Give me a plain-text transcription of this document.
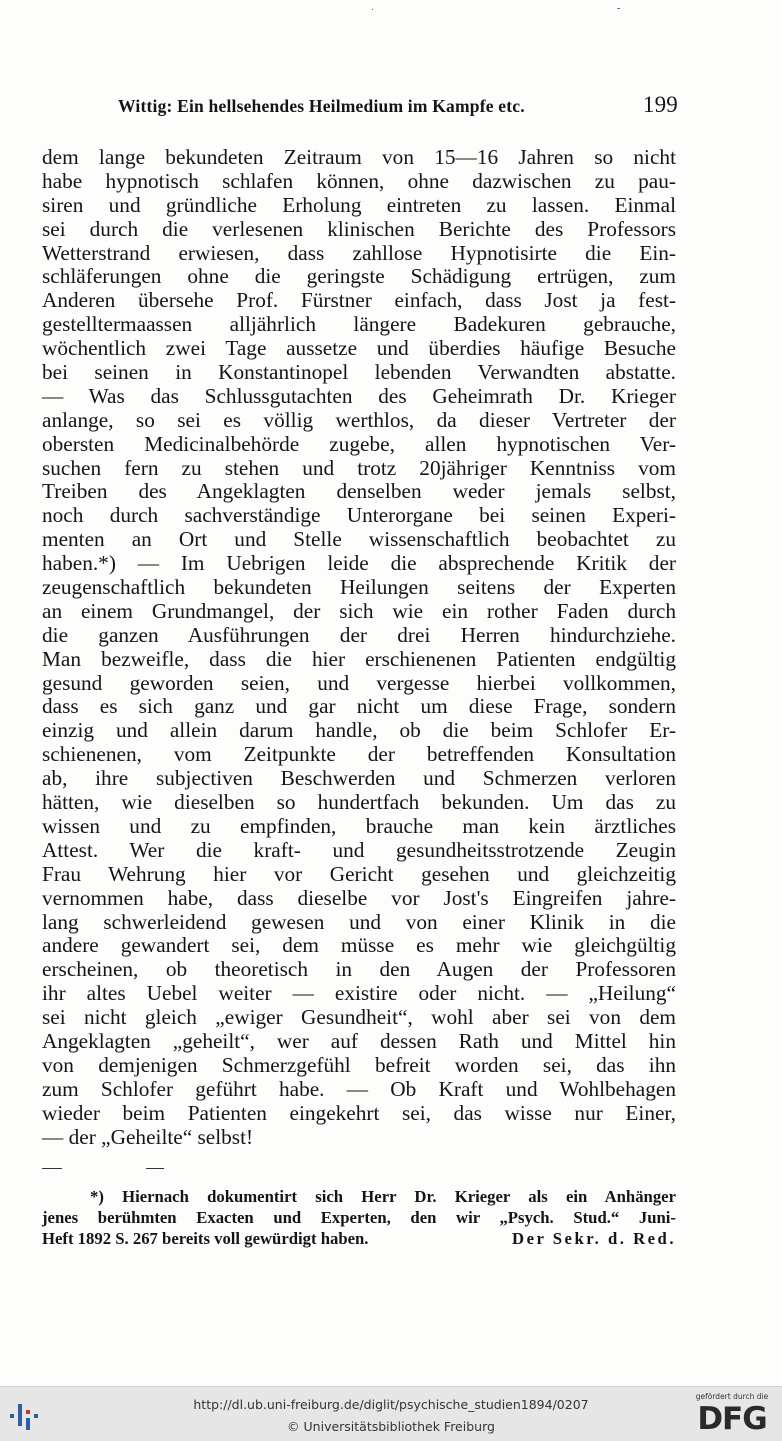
˙	-
Wittig: Ein hellsehendes Heilmedium im Kampfe etc.	199
dem lange bekundeten Zeitraum von 15—16 Jahren so nicht
habe hypnotisch schlafen können, ohne dazwischen zu pau-
siren und gründliche Erholung eintreten zu lassen. Einmal
sei durch die verlesenen klinischen Berichte des Professors
Wetterstrand erwiesen, dass zahllose Hypnotisirte die Ein-
schläferungen ohne die geringste Schädigung ertrügen, zum
Anderen übersehe Prof. Fürstner einfach, dass Jost ja fest-
gestelltermaassen alljährlich längere Badekuren gebrauche,
wöchentlich zwei Tage aussetze und überdies häufige Besuche
bei seinen in Konstantinopel lebenden Verwandten abstatte.
— Was das Schlussgutachten des Geheimrath Dr. Krieger
anlange, so sei es völlig werthlos, da dieser Vertreter der
obersten Medicinalbehörde zugebe, allen hypnotischen Ver-
suchen fern zu stehen und trotz 20jähriger Kenntniss vom
Treiben des Angeklagten denselben weder jemals selbst,
noch durch sachverständige Unterorgane bei seinen Experi-
menten an Ort und Stelle wissenschaftlich beobachtet zu
haben.*) — Im Uebrigen leide die absprechende Kritik der
zeugenschaftlich bekundeten Heilungen seitens der Experten
an einem Grundmangel, der sich wie ein rother Faden durch
die ganzen Ausführungen der drei Herren hindurchziehe.
Man bezweifle, dass die hier erschienenen Patienten endgültig
gesund geworden seien, und vergesse hierbei vollkommen,
dass es sich ganz und gar nicht um diese Frage, sondern
einzig und allein darum handle, ob die beim Schlofer Er-
schienenen, vom Zeitpunkte der betreffenden Konsultation
ab, ihre subjectiven Beschwerden und Schmerzen verloren
hätten, wie dieselben so hundertfach bekunden. Um das zu
wissen und zu empfinden, brauche man kein ärztliches
Attest. Wer die kraft- und gesundheitsstrotzende Zeugin
Frau Wehrung hier vor Gericht gesehen und gleichzeitig
vernommen habe, dass dieselbe vor Jost's Eingreifen jahre-
lang schwerleidend gewesen und von einer Klinik in die
andere gewandert sei, dem müsse es mehr wie gleichgültig
erscheinen, ob theoretisch in den Augen der Professoren
ihr altes Uebel weiter — existire oder nicht. — „Heilung“
sei nicht gleich „ewiger Gesundheit“, wohl aber sei von dem
Angeklagten „geheilt“, wer auf dessen Rath und Mittel hin
von demjenigen Schmerzgefühl befreit worden sei, das ihn
zum Schlofer geführt habe. — Ob Kraft und Wohlbehagen
wieder beim Patienten eingekehrt sei, das wisse nur Einer,
— der „Geheilte“ selbst!
*) Hiernach dokumentirt sich Herr Dr. Krieger als ein Anhänger
jenes berühmten Exacten und Experten, den wir „Psych. Stud.“ Juni-
Heft 1892 S. 267 bereits voll gewürdigt haben.	Der Sekr. d. Red.
http://dl.ub.uni-freiburg.de/diglit/psychische_studien1894/0207
© Universitätsbibliothek Freiburg
gefördert durch die
DFG
